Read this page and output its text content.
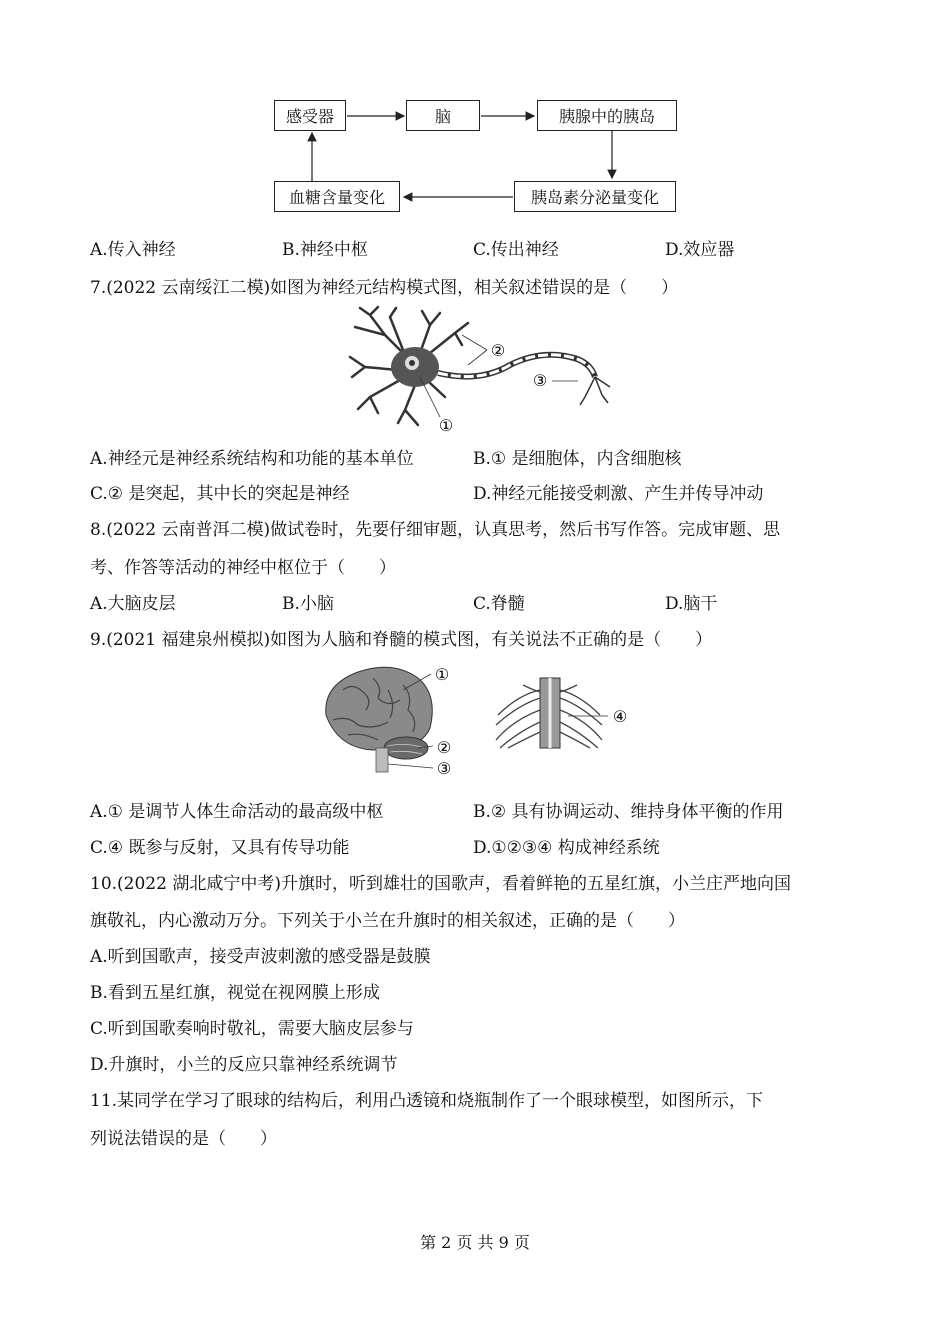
感受器	脑	胰腺中的胰岛
血糖含量变化	胰岛素分泌量变化
A.传入神经	B.神经中枢	C.传出神经	D.效应器
7.(2022 云南绥江二模)如图为神经元结构模式图，相关叙述错误的是（　　）
②
③
①
A.神经元是神经系统结构和功能的基本单位	B.① 是细胞体，内含细胞核
C.② 是突起，其中长的突起是神经	D.神经元能接受刺激、产生并传导冲动
8.(2022 云南普洱二模)做试卷时，先要仔细审题，认真思考，然后书写作答。完成审题、思
考、作答等活动的神经中枢位于（　　）
A.大脑皮层	B.小脑	C.脊髓	D.脑干
9.(2021 福建泉州模拟)如图为人脑和脊髓的模式图，有关说法不正确的是（　　）
①
②
③
④
A.① 是调节人体生命活动的最高级中枢	B.② 具有协调运动、维持身体平衡的作用
C.④ 既参与反射，又具有传导功能	D.①②③④ 构成神经系统
10.(2022 湖北咸宁中考)升旗时，听到雄壮的国歌声，看着鲜艳的五星红旗，小兰庄严地向国
旗敬礼，内心激动万分。下列关于小兰在升旗时的相关叙述，正确的是（　　）
A.听到国歌声，接受声波刺激的感受器是鼓膜
B.看到五星红旗，视觉在视网膜上形成
C.听到国歌奏响时敬礼，需要大脑皮层参与
D.升旗时，小兰的反应只靠神经系统调节
11.某同学在学习了眼球的结构后，利用凸透镜和烧瓶制作了一个眼球模型，如图所示，下
列说法错误的是（　　）
第 2 页 共 9 页
